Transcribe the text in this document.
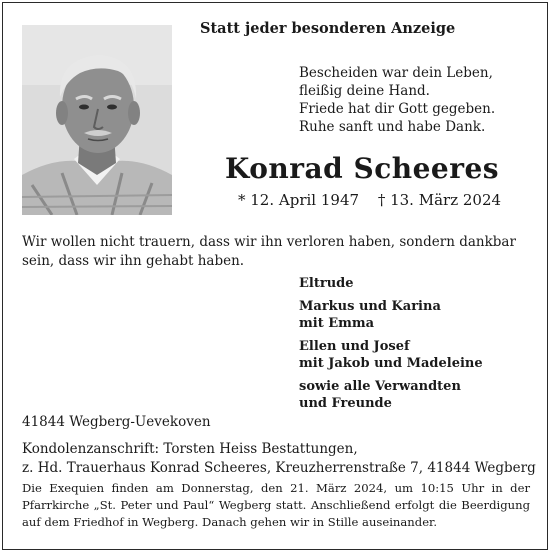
Statt jeder besonderen Anzeige
Bescheiden war dein Leben,
fleißig deine Hand.
Friede hat dir Gott gegeben.
Ruhe sanft und habe Dank.
Konrad Scheeres
* 12. April 1947 † 13. März 2024
Wir wollen nicht trauern, dass wir ihn verloren haben, sondern dankbar sein, dass wir ihn gehabt haben.
Eltrude
Markus und Karina
mit Emma
Ellen und Josef
mit Jakob und Madeleine
sowie alle Verwandten
und Freunde
41844 Wegberg-Uevekoven
Kondolenzanschrift: Torsten Heiss Bestattungen,
z. Hd. Trauerhaus Konrad Scheeres, Kreuzherrenstraße 7, 41844 Wegberg
Die Exequien finden am Donnerstag, den 21. März 2024, um 10:15 Uhr in der Pfarrkirche „St. Peter und Paul“ Wegberg statt. Anschließend erfolgt die Beerdigung auf dem Friedhof in Wegberg. Danach gehen wir in Stille auseinander.
